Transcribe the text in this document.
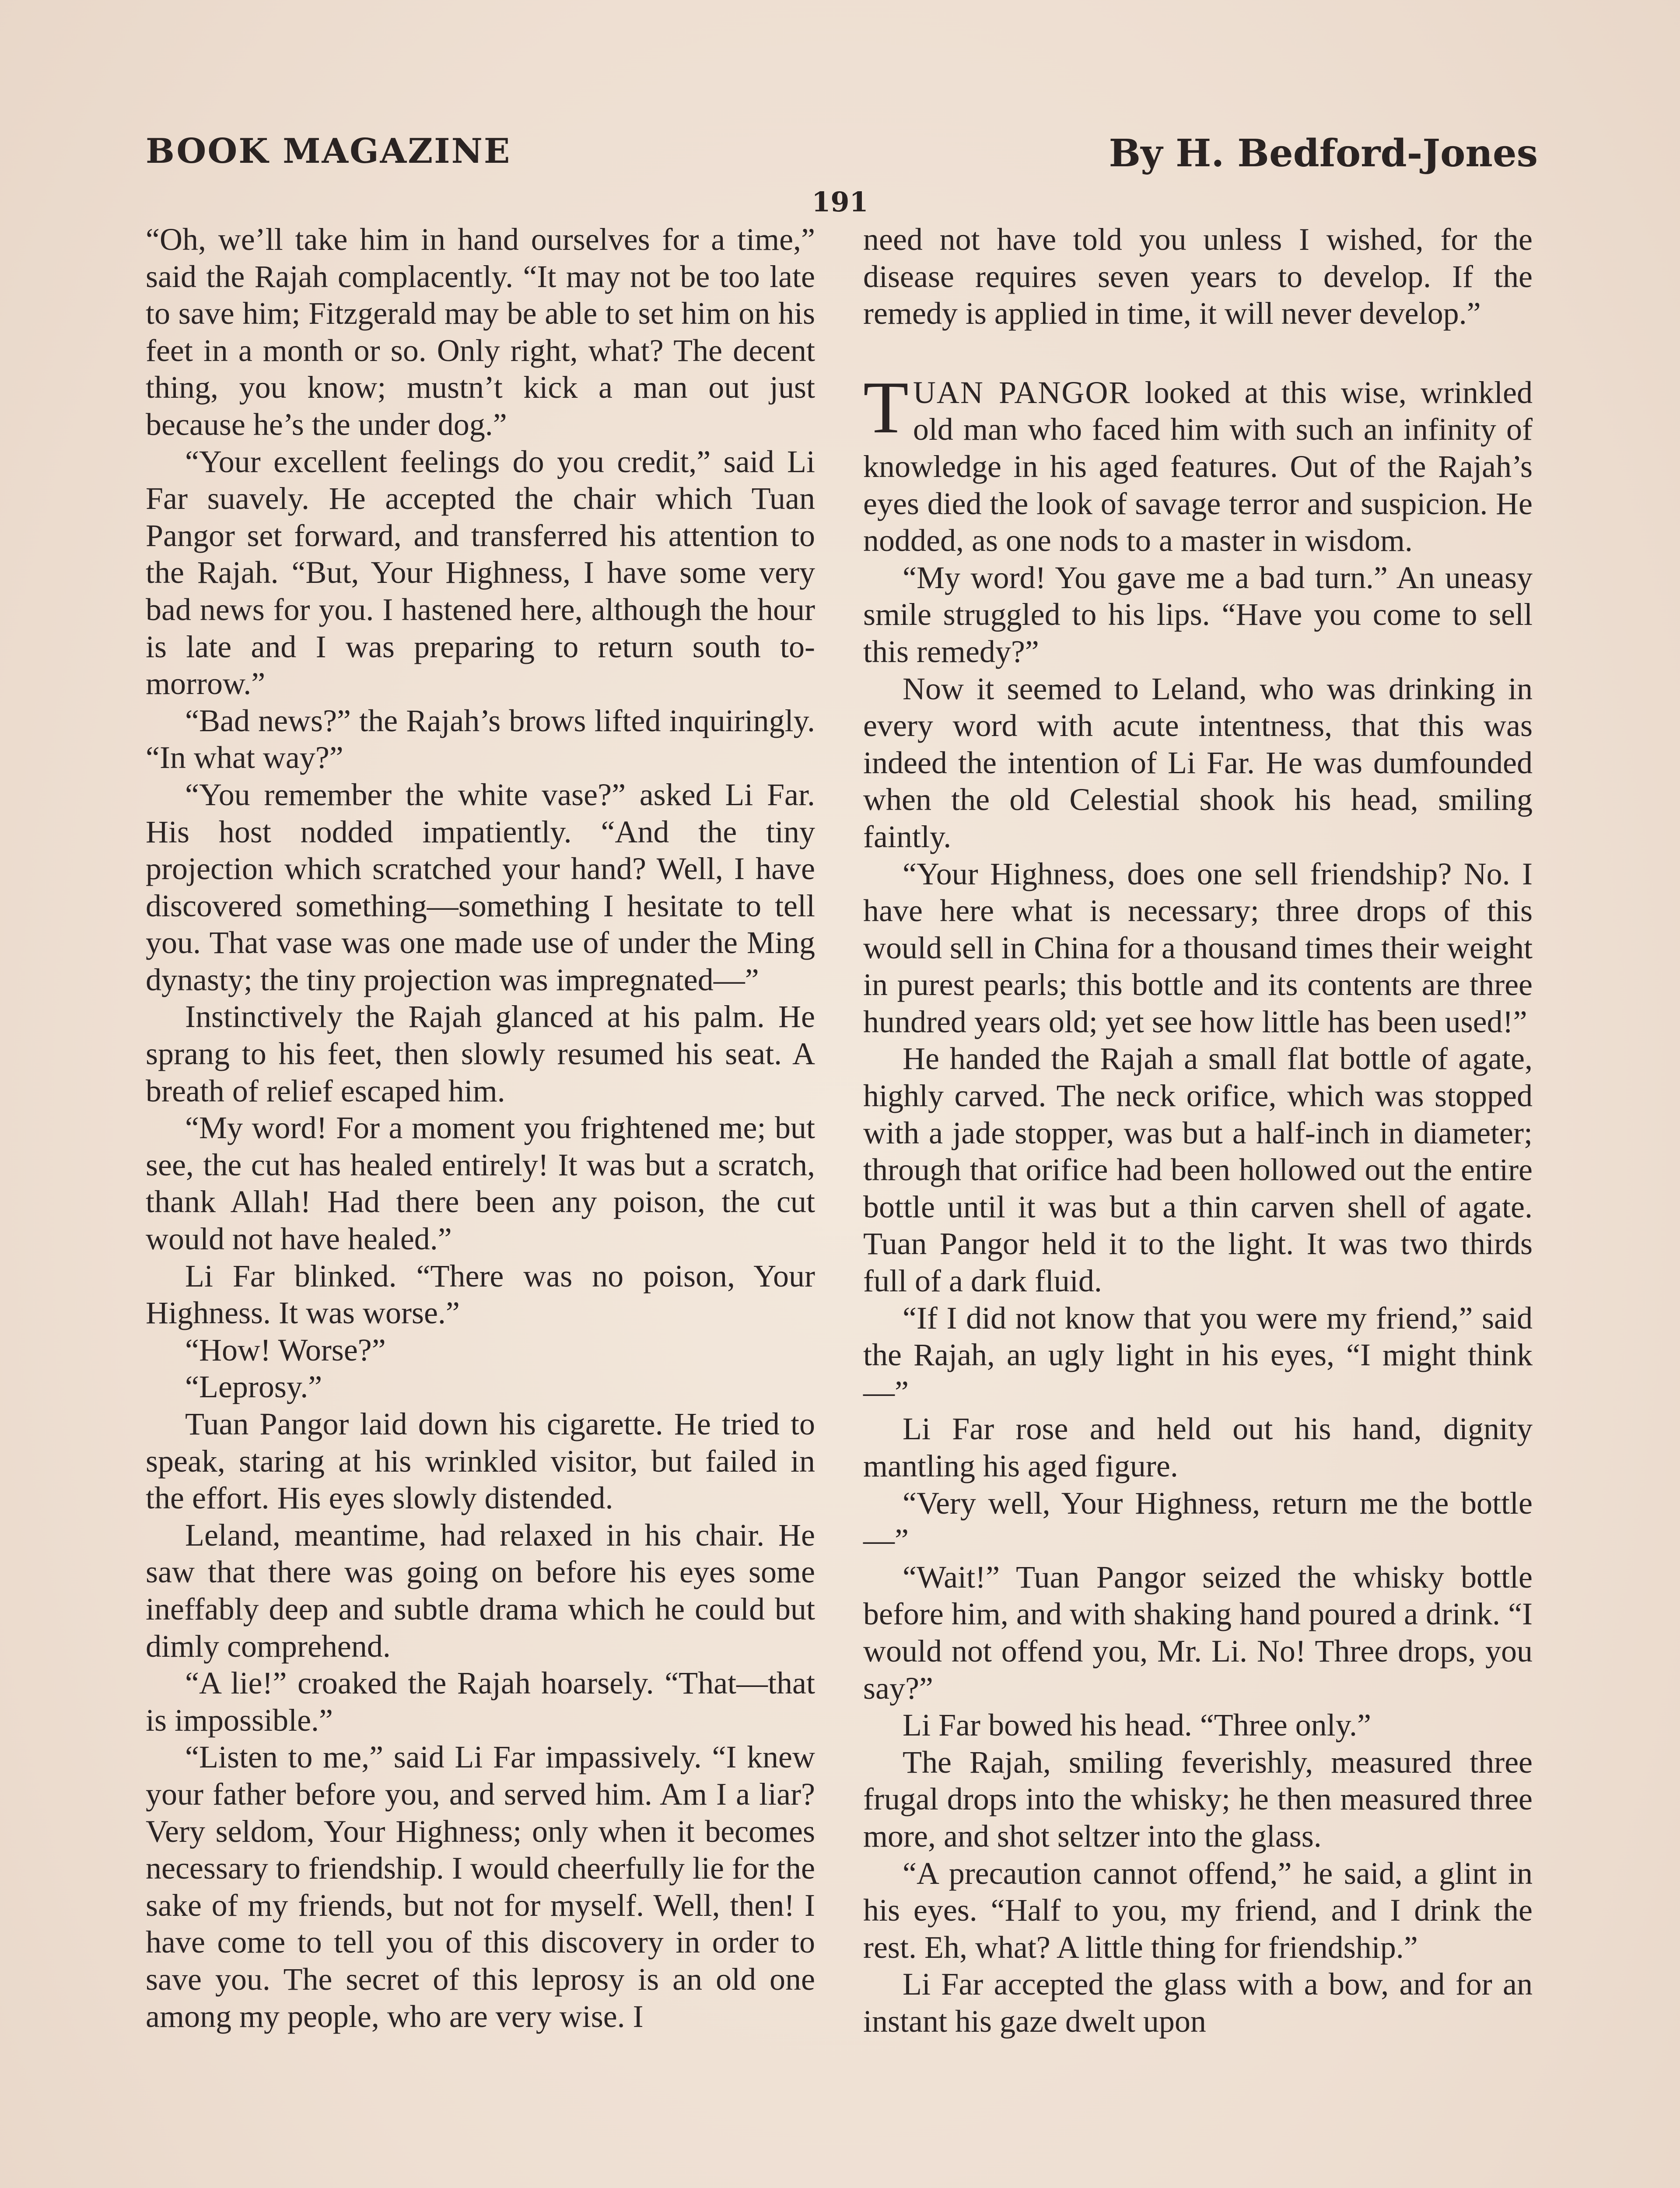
BOOK MAGAZINE	By H. Bedford-Jones
191

“Oh, we’ll take him in hand ourselves for a time,” said the Rajah complacently. “It may not be too late to save him; Fitzgerald may be able to set him on his feet in a month or so. Only right, what? The decent thing, you know; mustn’t kick a man out just because he’s the under dog.”

“Your excellent feelings do you credit,” said Li Far suavely. He accepted the chair which Tuan Pangor set forward, and transferred his attention to the Rajah. “But, Your Highness, I have some very bad news for you. I hastened here, although the hour is late and I was preparing to return south to-morrow.”

“Bad news?” the Rajah’s brows lifted inquiringly. “In what way?”

“You remember the white vase?” asked Li Far. His host nodded impatiently. “And the tiny projection which scratched your hand? Well, I have discovered something—something I hesitate to tell you. That vase was one made use of under the Ming dynasty; the tiny projection was impregnated—”

Instinctively the Rajah glanced at his palm. He sprang to his feet, then slowly resumed his seat. A breath of relief escaped him.

“My word! For a moment you frightened me; but see, the cut has healed entirely! It was but a scratch, thank Allah! Had there been any poison, the cut would not have healed.”

Li Far blinked. “There was no poison, Your Highness. It was worse.”

“How! Worse?”

“Leprosy.”

Tuan Pangor laid down his cigarette. He tried to speak, staring at his wrinkled visitor, but failed in the effort. His eyes slowly distended.

Leland, meantime, had relaxed in his chair. He saw that there was going on before his eyes some ineffably deep and subtle drama which he could but dimly comprehend.

“A lie!” croaked the Rajah hoarsely. “That—that is impossible.”

“Listen to me,” said Li Far impassively. “I knew your father before you, and served him. Am I a liar? Very seldom, Your Highness; only when it becomes necessary to friendship. I would cheerfully lie for the sake of my friends, but not for myself. Well, then! I have come to tell you of this discovery in order to save you. The secret of this leprosy is an old one among my people, who are very wise. I

need not have told you unless I wished, for the disease requires seven years to develop. If the remedy is applied in time, it will never develop.”

TUAN PANGOR looked at this wise, wrinkled old man who faced him with such an infinity of knowledge in his aged features. Out of the Rajah’s eyes died the look of savage terror and suspicion. He nodded, as one nods to a master in wisdom.

“My word! You gave me a bad turn.” An uneasy smile struggled to his lips. “Have you come to sell this remedy?”

Now it seemed to Leland, who was drinking in every word with acute intentness, that this was indeed the intention of Li Far. He was dumfounded when the old Celestial shook his head, smiling faintly.

“Your Highness, does one sell friendship? No. I have here what is necessary; three drops of this would sell in China for a thousand times their weight in purest pearls; this bottle and its contents are three hundred years old; yet see how little has been used!”

He handed the Rajah a small flat bottle of agate, highly carved. The neck orifice, which was stopped with a jade stopper, was but a half-inch in diameter; through that orifice had been hollowed out the entire bottle until it was but a thin carven shell of agate. Tuan Pangor held it to the light. It was two thirds full of a dark fluid.

“If I did not know that you were my friend,” said the Rajah, an ugly light in his eyes, “I might think—”

Li Far rose and held out his hand, dignity mantling his aged figure.

“Very well, Your Highness, return me the bottle—”

“Wait!” Tuan Pangor seized the whisky bottle before him, and with shaking hand poured a drink. “I would not offend you, Mr. Li. No! Three drops, you say?”

Li Far bowed his head. “Three only.”

The Rajah, smiling feverishly, measured three frugal drops into the whisky; he then measured three more, and shot seltzer into the glass.

“A precaution cannot offend,” he said, a glint in his eyes. “Half to you, my friend, and I drink the rest. Eh, what? A little thing for friendship.”

Li Far accepted the glass with a bow, and for an instant his gaze dwelt upon
